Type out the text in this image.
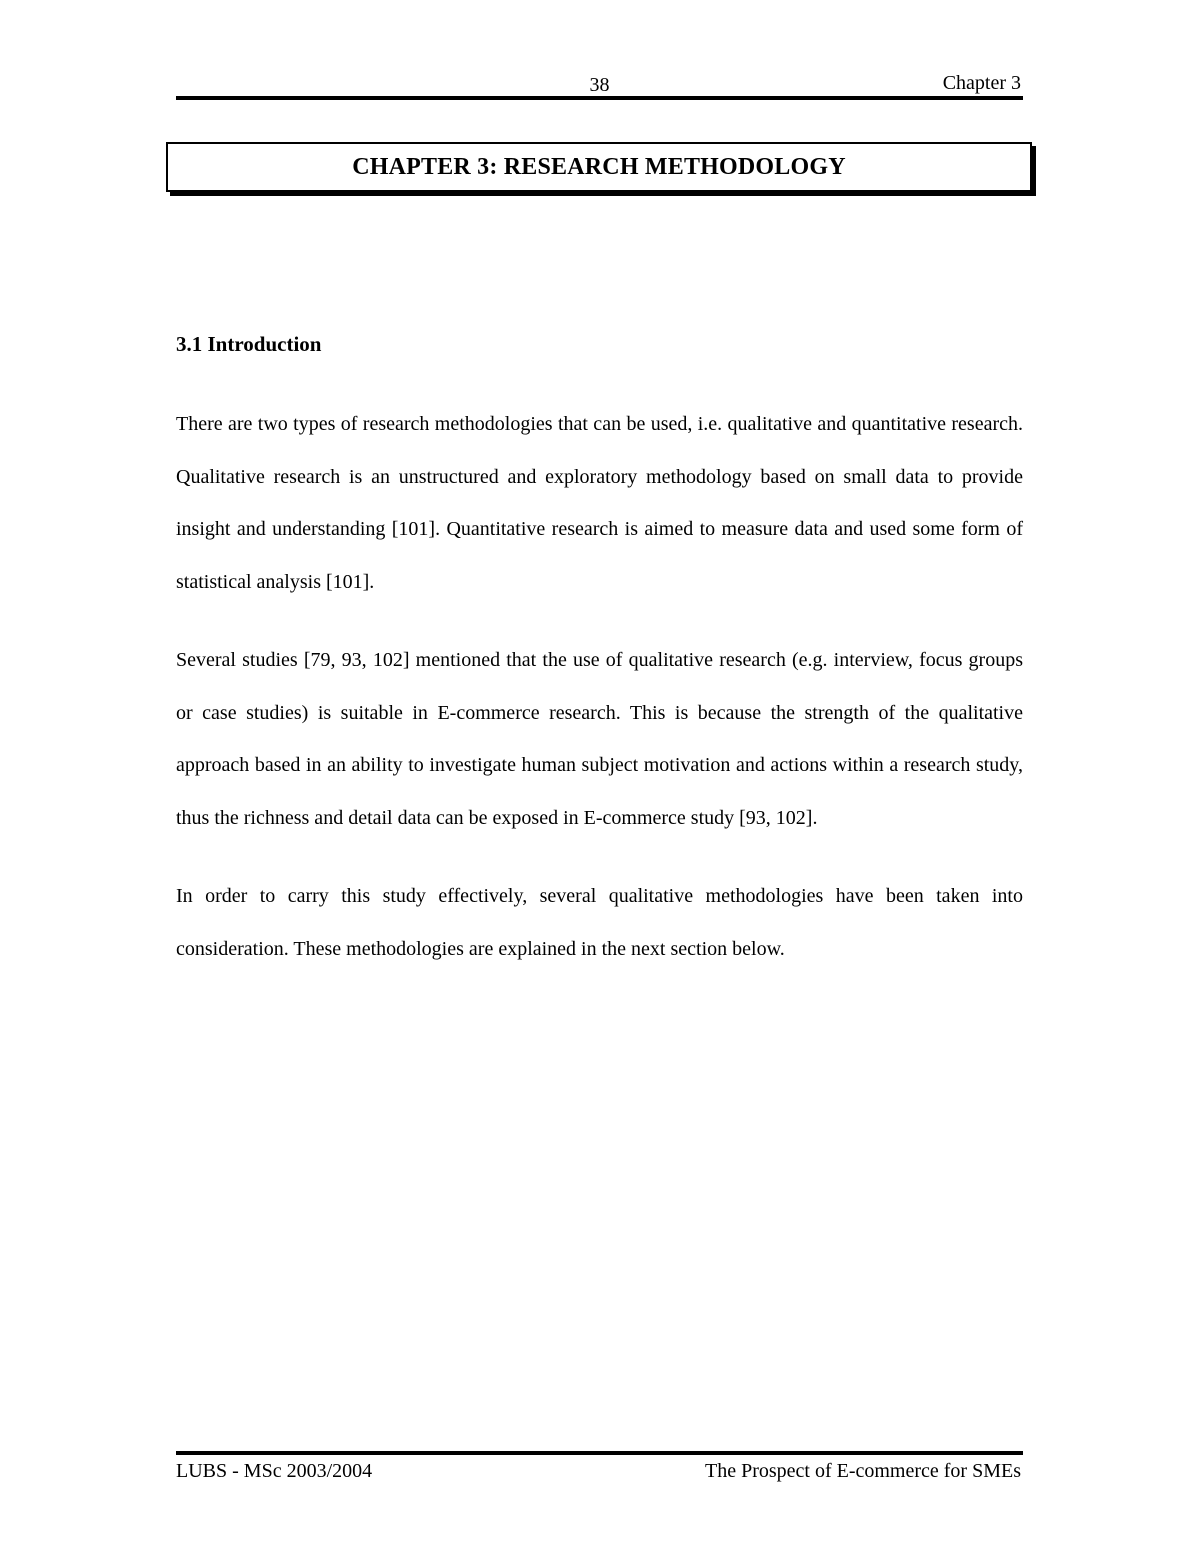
38	Chapter 3
CHAPTER 3: RESEARCH METHODOLOGY
3.1 Introduction

There are two types of research methodologies that can be used, i.e. qualitative and quantitative research. Qualitative research is an unstructured and exploratory methodology based on small data to provide insight and understanding [101]. Quantitative research is aimed to measure data and used some form of statistical analysis [101].

Several studies [79, 93, 102] mentioned that the use of qualitative research (e.g. interview, focus groups or case studies) is suitable in E-commerce research. This is because the strength of the qualitative approach based in an ability to investigate human subject motivation and actions within a research study, thus the richness and detail data can be exposed in E-commerce study [93, 102].

In order to carry this study effectively, several qualitative methodologies have been taken into consideration. These methodologies are explained in the next section below.

LUBS - MSc 2003/2004	The Prospect of E-commerce for SMEs
